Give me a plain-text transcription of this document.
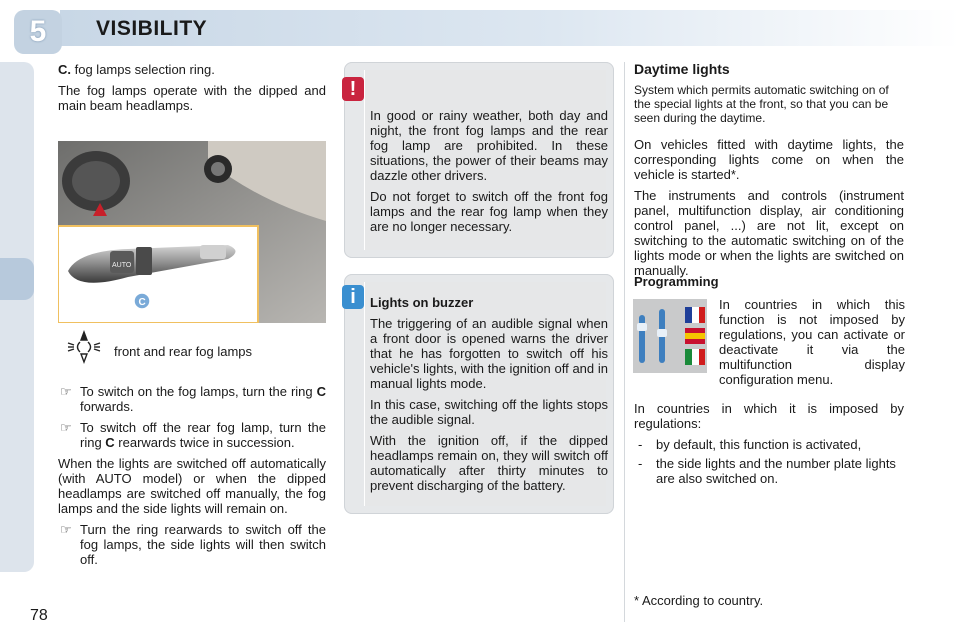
5	VISIBILITY

C. fog lamps selection ring.

The fog lamps operate with the dipped and main beam headlamps.

AUTO
C
front and rear fog lamps
☞ To switch on the fog lamps, turn the ring C forwards.
☞ To switch off the rear fog lamp, turn the ring C rearwards twice in succession.

When the lights are switched off automatically (with AUTO model) or when the dipped headlamps are switched off manually, the fog lamps and the side lights will remain on.

☞ Turn the ring rearwards to switch off the fog lamps, the side lights will then switch off.
!

In good or rainy weather, both day and night, the front fog lamps and the rear fog lamp are prohibited. In these situations, the power of their beams may dazzle other drivers.

Do not forget to switch off the front fog lamps and the rear fog lamp when they are no longer necessary.

i	Lights on buzzer

The triggering of an audible signal when a front door is opened warns the driver that he has forgotten to switch off his vehicle's lights, with the ignition off and in manual lights mode.

In this case, switching off the lights stops the audible signal.

With the ignition off, if the dipped headlamps remain on, they will switch off automatically after thirty minutes to prevent discharging of the battery.

Daytime lights

System which permits automatic switching on of the special lights at the front, so that you can be seen during the daytime.

On vehicles fitted with daytime lights, the corresponding lights come on when the vehicle is started*.

The instruments and controls (instrument panel, multifunction display, air conditioning control panel, ...) are not lit, except on switching to the automatic switching on of the lights mode or when the lights are switched on manually.

Programming

In countries in which this function is not imposed by regulations, you can activate or deactivate it via the multifunction display configuration menu.

In countries in which it is imposed by regulations:

- by default, this function is activated,
- the side lights and the number plate lights are also switched on.
* According to country.
78
